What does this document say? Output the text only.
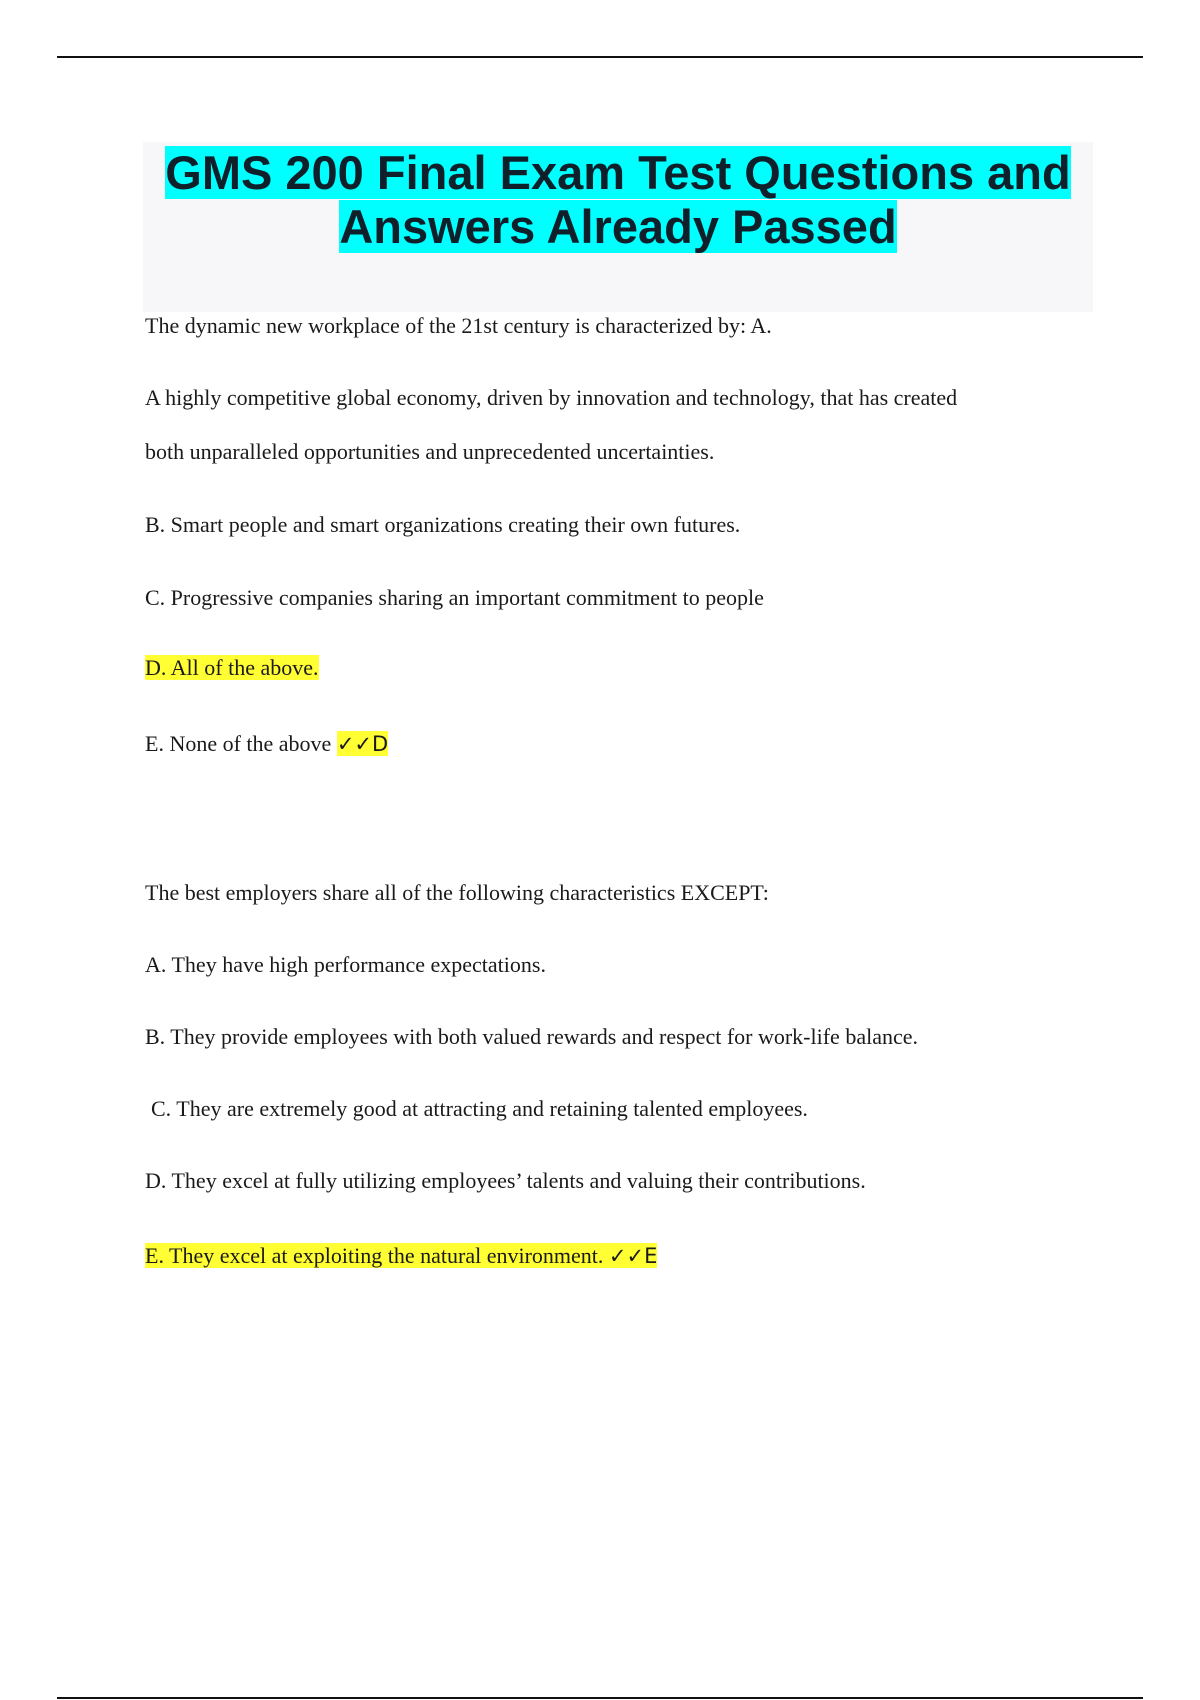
GMS 200 Final Exam Test Questions and
Answers Already Passed
The dynamic new workplace of the 21st century is characterized by: A.
A highly competitive global economy, driven by innovation and technology, that has created
both unparalleled opportunities and unprecedented uncertainties.
B. Smart people and smart organizations creating their own futures.
C. Progressive companies sharing an important commitment to people
D. All of the above.
E. None of the above ✓✓D
The best employers share all of the following characteristics EXCEPT:
A. They have high performance expectations.
B. They provide employees with both valued rewards and respect for work-life balance.
C. They are extremely good at attracting and retaining talented employees.
D. They excel at fully utilizing employees’ talents and valuing their contributions.
E. They excel at exploiting the natural environment. ✓✓E
